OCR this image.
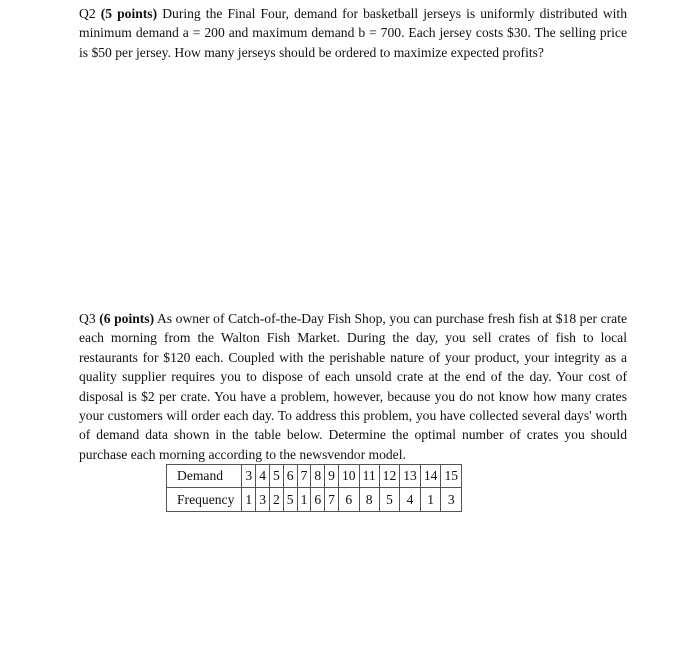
Q2 (5 points) During the Final Four, demand for basketball jerseys is uniformly distributed with minimum demand a = 200 and maximum demand b = 700. Each jersey costs $30. The selling price is $50 per jersey. How many jerseys should be ordered to maximize expected profits?
Q3 (6 points) As owner of Catch-of-the-Day Fish Shop, you can purchase fresh fish at $18 per crate each morning from the Walton Fish Market. During the day, you sell crates of fish to local restaurants for $120 each. Coupled with the perishable nature of your product, your integrity as a quality supplier requires you to dispose of each unsold crate at the end of the day. Your cost of disposal is $2 per crate. You have a problem, however, because you do not know how many crates your customers will order each day. To address this problem, you have collected several days' worth of demand data shown in the table below. Determine the optimal number of crates you should purchase each morning according to the newsvendor model.
Demand	3	4	5	6	7	8	9	10	11	12	13	14	15
Frequency	1	3	2	5	1	6	7	6	8	5	4	1	3
